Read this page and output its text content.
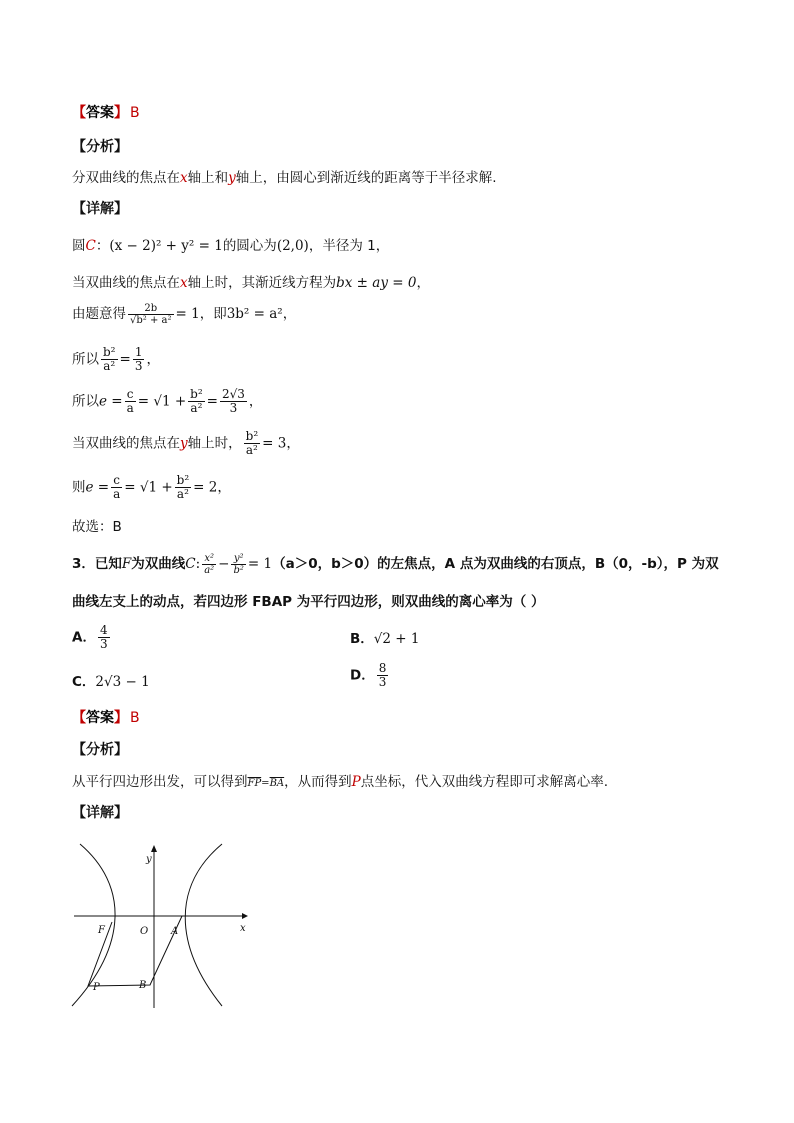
【答案】 B
【分析】
分双曲线的焦点在x轴上和y轴上，由圆心到渐近线的距离等于半径求解.
【详解】
圆C：(x − 2)² + y² = 1的圆心为(2,0)，半径为 1，
当双曲线的焦点在x轴上时，其渐近线方程为bx ± ay = 0，
由题意得 $\frac{2b}{\text{√b² + a²}} = 1$，即3b² = a²，
所以 $\frac{\text{b²}}{\text{a²}} = \frac{1}{3}$ ，
所以$e = \frac{c}{a} = √1 + \frac{\text{b²}}{\text{a²}} = \frac{2√3}{3}$ ，
当双曲线的焦点在y轴上时， $\frac{\text{b²}}{\text{a²}} = 3$，
则$e = \frac{c}{a} = √1 + \frac{\text{b²}}{\text{a²}} = 2$，
故选：B
3．已知F为双曲线C: $\frac{\text{x²}}{\text{a²}} - \frac{\text{y²}}{\text{b²}} = 1(a>0$，b＞0）的左焦点，A 点为双曲线的右顶点，B（0，-b），P 为双
曲线左支上的动点，若四边形 FBAP 为平行四边形，则双曲线的离心率为（ ）
A． $\frac{4}{3}$	B．√2 + 1
C．2√3 − 1	D． $\frac{8}{3}$
【答案】 B
【分析】
从平行四边形出发，可以得到$\overline{FP}=\overline{BA}$，从而得到P点坐标，代入双曲线方程即可求解离心率.
【详解】
y
x
F	O A
P	B
